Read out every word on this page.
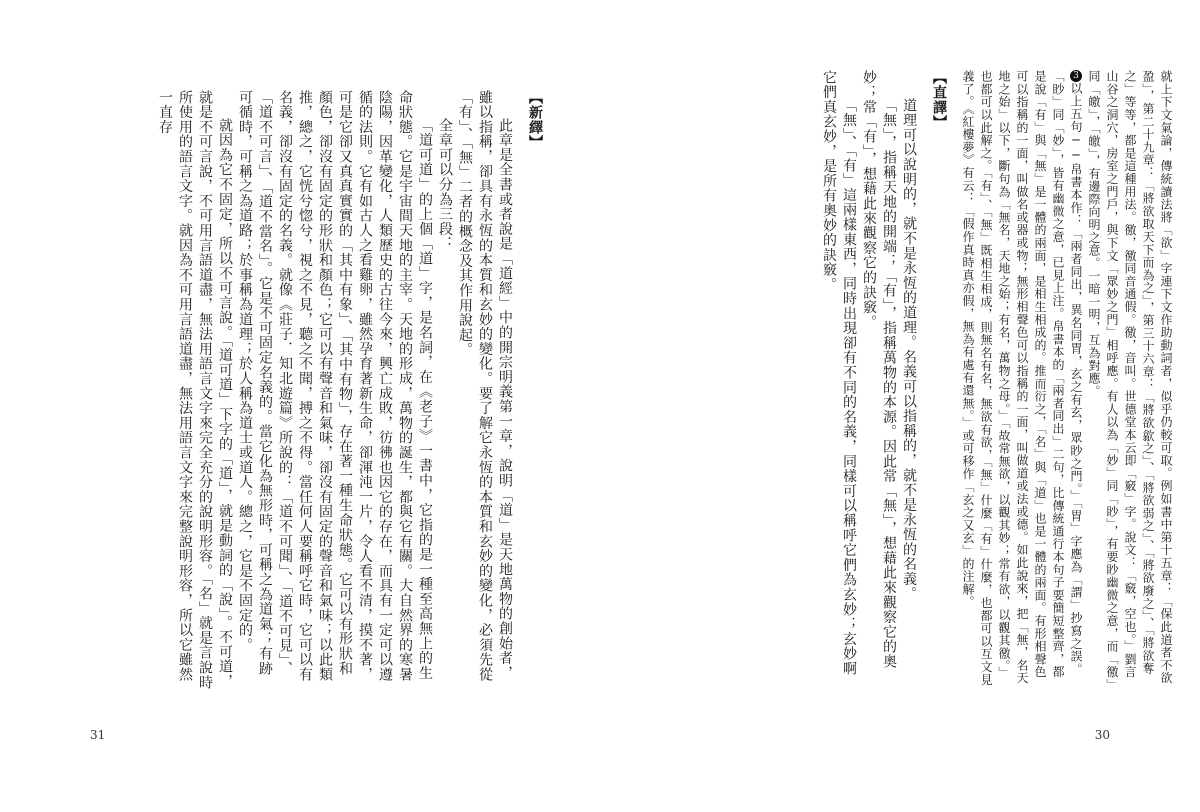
【新繹】

此章是全書或者說是「道經」中的開宗明義第一章，說明「道」是天地萬物的創始者，雖以指稱，卻具有永恆的本質和玄妙的變化。要了解它永恆的本質和玄妙的變化，必須先從「有」、「無」二者的概念及其作用說起。

全章可以分為三段：

「道可道」的上個「道」字，是名詞，在《老子》一書中，它指的是一種至高無上的生命狀態。它是宇宙間天地的主宰。天地的形成，萬物的誕生，都與它有關。大自然界的寒暑陰陽，因革變化，人類歷史的古往今來，興亡成敗，彷彿也因它的存在，而具有一定可以遵循的法則。它有如古人之看雞卵，雖然孕育著新生命，卻渾沌一片，令人看不清，摸不著，可是它卻又真真實實的「其中有象」、「其中有物」，存在著一種生命狀態。它可以有形狀和顏色，卻沒有固定的形狀和顏色；它可以有聲音和氣味，卻沒有固定的聲音和氣味；以此類推，總之，它恍兮惚兮，視之不見，聽之不聞，搏之不得。當任何人要稱呼它時，它可以有名義，卻沒有固定的名義。就像《莊子．知北遊篇》所說的：「道不可聞」、「道不可見」、「道不可言」、「道不當名」。它是不可固定名義的。當它化為無形時，可稱之為道氣；有跡可循時，可稱之為道路；於事稱為道理；於人稱為道士或道人。總之，它是不固定的。

就因為它不固定，所以不可言說。「道可道」下字的「道」，就是動詞的「說」。不可道，就是不可言說，不可用言語道盡，無法用語言文字來完全充分的說明形容。「名」就是言說時所使用的語言文字。就因為不可用言語道盡，無法用語言文字來完整說明形容，所以它雖然一直存

31

就上下文氣論，傳統讀法將「欲」字連下文作助動詞者，似乎仍較可取。例如書中第十五章：「保此道者不欲盈」，第二十九章：「將欲取天下而為之」，第三十六章：「將欲歙之」、「將欲弱之」、「將欲廢之」、「將欲奪之」等等，都是這種用法。徼，徼同音通假。徼，音叫。世德堂本云即「竅」字。說文：「竅，空也。」劉言山谷之洞穴，房室之門戶，與下文「眾妙之門」相呼應。有人以為「妙」同「眇」，有要眇幽微之意，而「徼」同「皦」，「皦」，有邊際向明之意。一暗一明，互為對應。

3以上五句──帛書本作：「兩者同出，異名同胃，玄之有玄，眾眇之門。」「胃」字應為「謂」抄寫之誤。「眇」同「妙」，皆有幽微之意，已見上注。帛書本的「兩者同出」二句，比傳統通行本句子要簡短整齊，都是說「有」與「無」是一體的兩面，是相生相成的。推而衍之，「名」與「道」也是一體的兩面。有形相聲色可以指稱的一面，叫做名或器或物；無形相聲色可以指稱的一面，叫做道或法或德。如此說來，把「無，名天地之始」以下，斷句為「無名，天地之始；有名，萬物之母。」「故常無欲，以觀其妙；常有欲，以觀其徼。」也都可以此解之。「有」、「無」既相生相成，則無名有名，無欲有欲，「無」什麼「有」什麼，也都可以互文見義了。《紅樓夢》有云：「假作真時真亦假，無為有處有還無。」或可移作「玄之又玄」的注解。

【直譯】

道理可以說明的，就不是永恆的道理。名義可以指稱的，就不是永恆的名義。

「無」，指稱天地的開端；「有」，指稱萬物的本源。因此常「無」，想藉此來觀察它的奧妙；常「有」，想藉此來觀察它的訣竅。

「無」、「有」這兩樣東西，同時出現卻有不同的名義，同樣可以稱呼它們為玄妙；玄妙啊它們真玄妙，是所有奧妙的訣竅。

30
